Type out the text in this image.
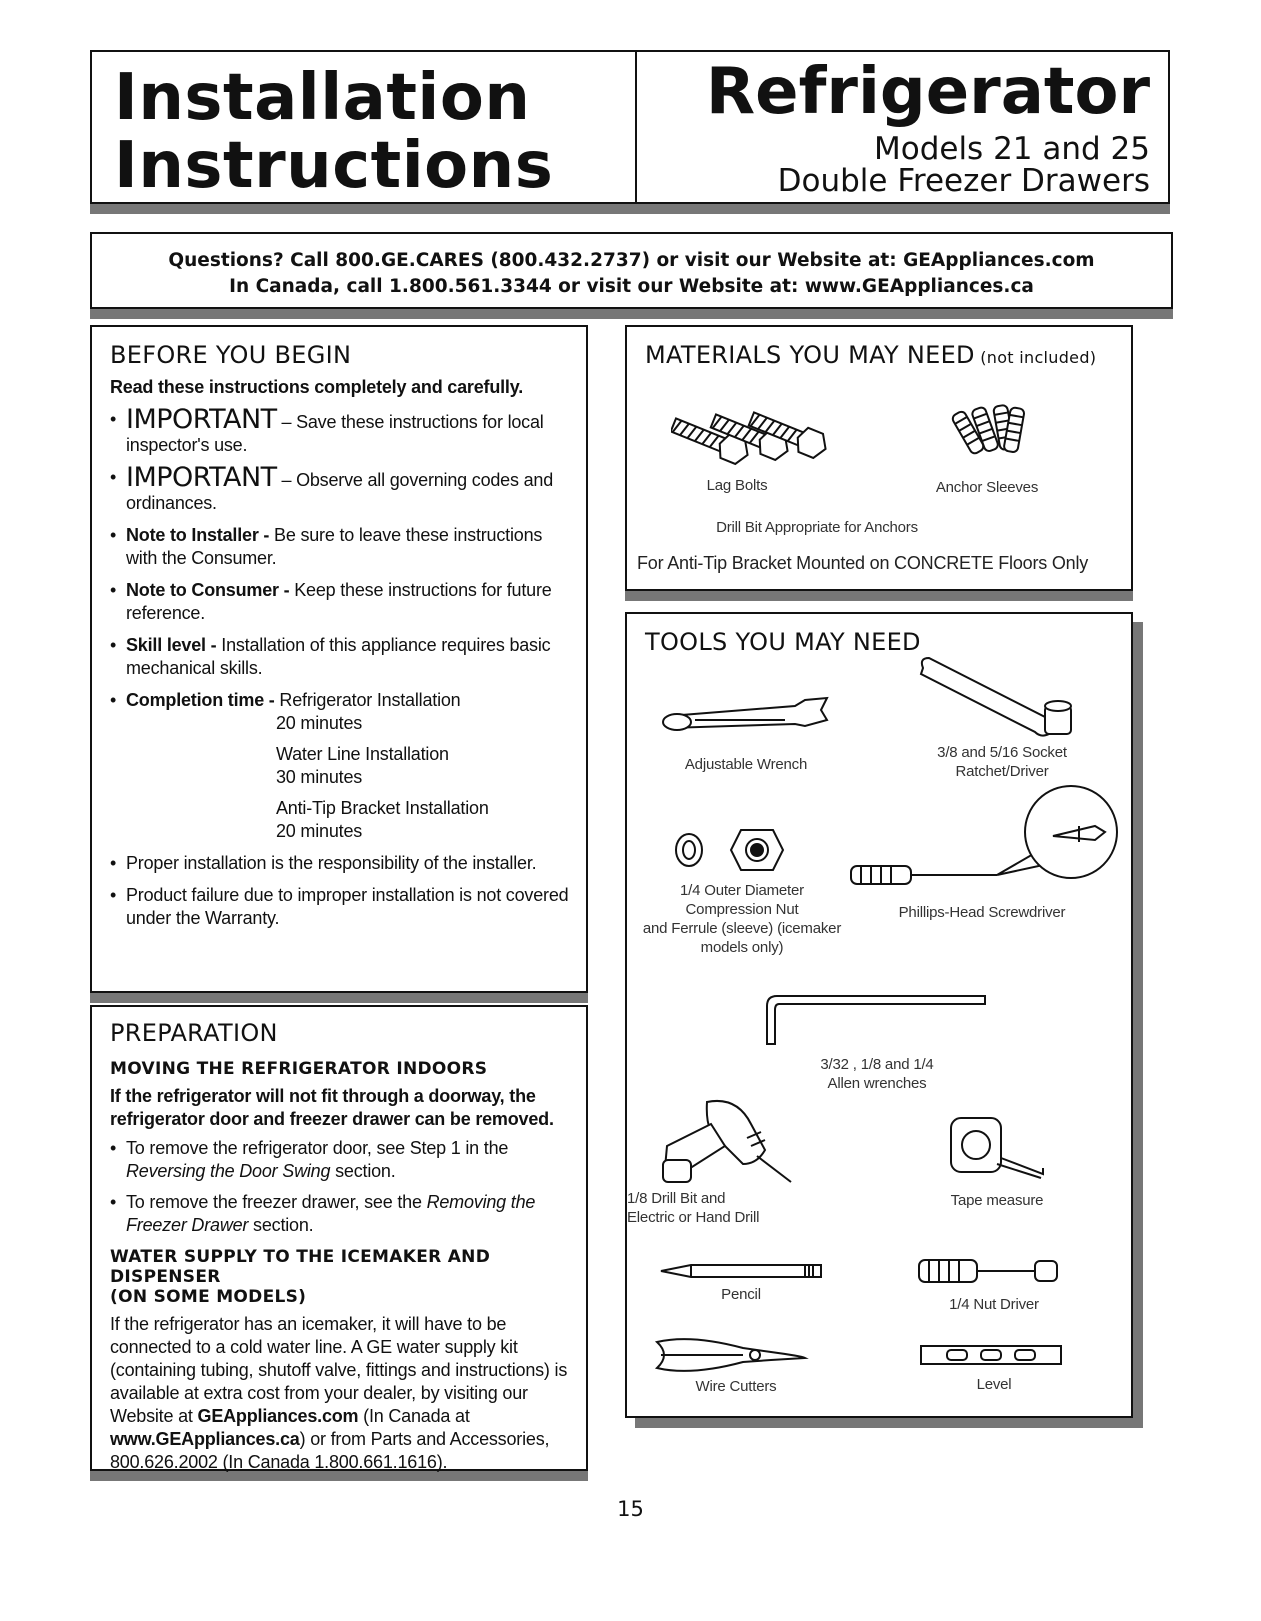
Installation
Instructions
Refrigerator
Models 21 and 25
Double Freezer Drawers
Questions? Call 800.GE.CARES (800.432.2737) or visit our Website at: GEAppliances.com
In Canada, call 1.800.561.3344 or visit our Website at: www.GEAppliances.ca
BEFORE YOU BEGIN
Read these instructions completely and carefully.
• IMPORTANT – Save these instructions for local inspector's use.
• IMPORTANT – Observe all governing codes and ordinances.
• Note to Installer - Be sure to leave these instructions with the Consumer.
• Note to Consumer - Keep these instructions for future reference.
• Skill level - Installation of this appliance requires basic mechanical skills.
• Completion time - Refrigerator Installation
20 minutes
Water Line Installation
30 minutes
Anti-Tip Bracket Installation
20 minutes
• Proper installation is the responsibility of the installer.
• Product failure due to improper installation is not covered under the Warranty.
PREPARATION
MOVING THE REFRIGERATOR INDOORS
If the refrigerator will not fit through a doorway, the refrigerator door and freezer drawer can be removed.
• To remove the refrigerator door, see Step 1 in the Reversing the Door Swing section.
• To remove the freezer drawer, see the Removing the Freezer Drawer section.
WATER SUPPLY TO THE ICEMAKER AND DISPENSER
(ON SOME MODELS)

If the refrigerator has an icemaker, it will have to be connected to a cold water line. A GE water supply kit (containing tubing, shutoff valve, fittings and instructions) is available at extra cost from your dealer, by visiting our Website at GEAppliances.com (In Canada at www.GEAppliances.ca) or from Parts and Accessories, 800.626.2002 (In Canada 1.800.661.1616).

MATERIALS YOU MAY NEED (not included)
Lag Bolts	Anchor Sleeves
Drill Bit Appropriate for Anchors
For Anti-Tip Bracket Mounted on CONCRETE Floors Only
TOOLS YOU MAY NEED
Adjustable Wrench
3/8 and 5/16 Socket
Ratchet/Driver
1/4 Outer Diameter
Compression Nut
and Ferrule (sleeve) (icemaker
models only)
Phillips-Head Screwdriver
3/32 , 1/8 and 1/4
Allen wrenches
1/8 Drill Bit and
Electric or Hand Drill
Tape measure
Pencil
1/4 Nut Driver
Wire Cutters	Level
15
